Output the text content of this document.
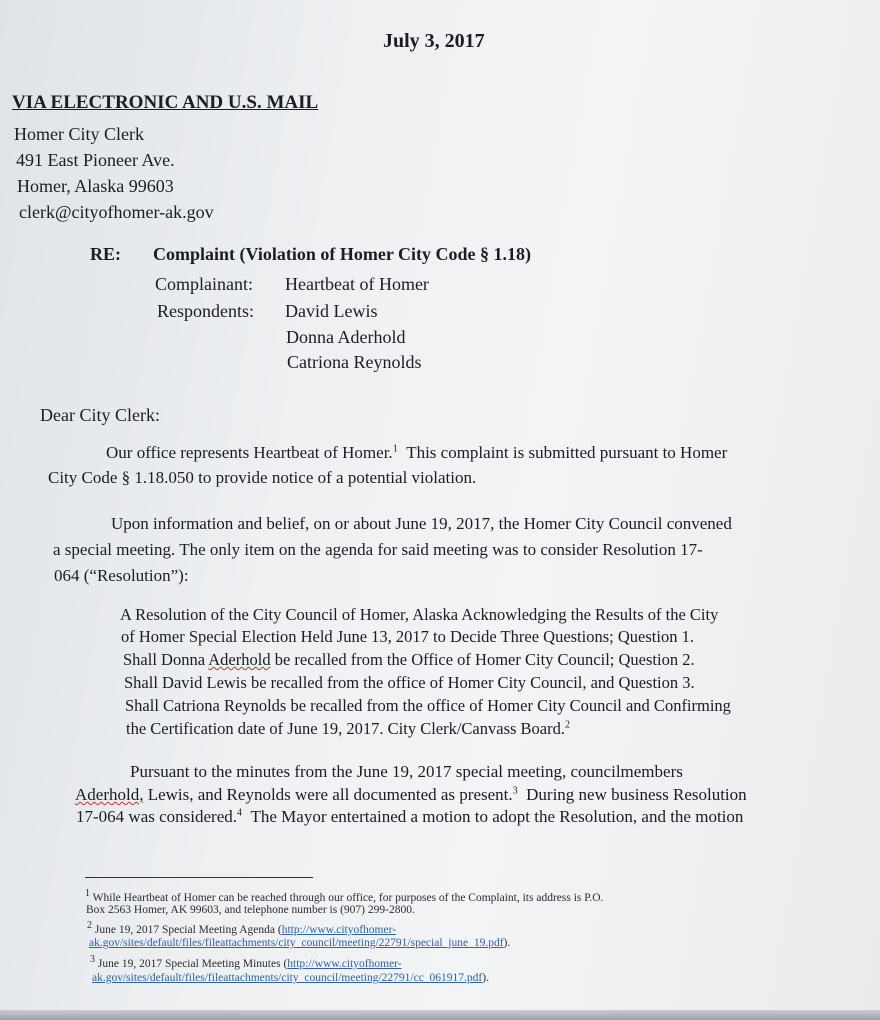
July 3, 2017
VIA ELECTRONIC AND U.S. MAIL
Homer City Clerk
491 East Pioneer Ave.
Homer, Alaska 99603
clerk@cityofhomer-ak.gov
RE: Complaint (Violation of Homer City Code § 1.18)
Complainant: Heartbeat of Homer
Respondents: David Lewis
Donna Aderhold
Catriona Reynolds
Dear City Clerk:
Our office represents Heartbeat of Homer.$^1$ This complaint is submitted pursuant to Homer
City Code § 1.18.050 to provide notice of a potential violation.
Upon information and belief, on or about June 19, 2017, the Homer City Council convened
a special meeting. The only item on the agenda for said meeting was to consider Resolution 17-
064 (“Resolution”):
A Resolution of the City Council of Homer, Alaska Acknowledging the Results of the City
of Homer Special Election Held June 13, 2017 to Decide Three Questions; Question 1.
Shall Donna Aderhold be recalled from the Office of Homer City Council; Question 2.
Shall David Lewis be recalled from the office of Homer City Council, and Question 3.
Shall Catriona Reynolds be recalled from the office of Homer City Council and Confirming
the Certification date of June 19, 2017. City Clerk/Canvass Board.$^2$
Pursuant to the minutes from the June 19, 2017 special meeting, councilmembers
Aderhold, Lewis, and Reynolds were all documented as present.$^3$ During new business Resolution
17-064 was considered.$^4$ The Mayor entertained a motion to adopt the Resolution, and the motion
$^1$ While Heartbeat of Homer can be reached through our office, for purposes of the Complaint, its address is P.O.
Box 2563 Homer, AK 99603, and telephone number is (907) 299-2800.
$^2$ June 19, 2017 Special Meeting Agenda (http://www.cityofhomer-
ak.gov/sites/default/files/fileattachments/city_council/meeting/22791/special_june_19.pdf).
$^3$ June 19, 2017 Special Meeting Minutes (http://www.cityofhomer-
ak.gov/sites/default/files/fileattachments/city_council/meeting/22791/cc_061917.pdf).
